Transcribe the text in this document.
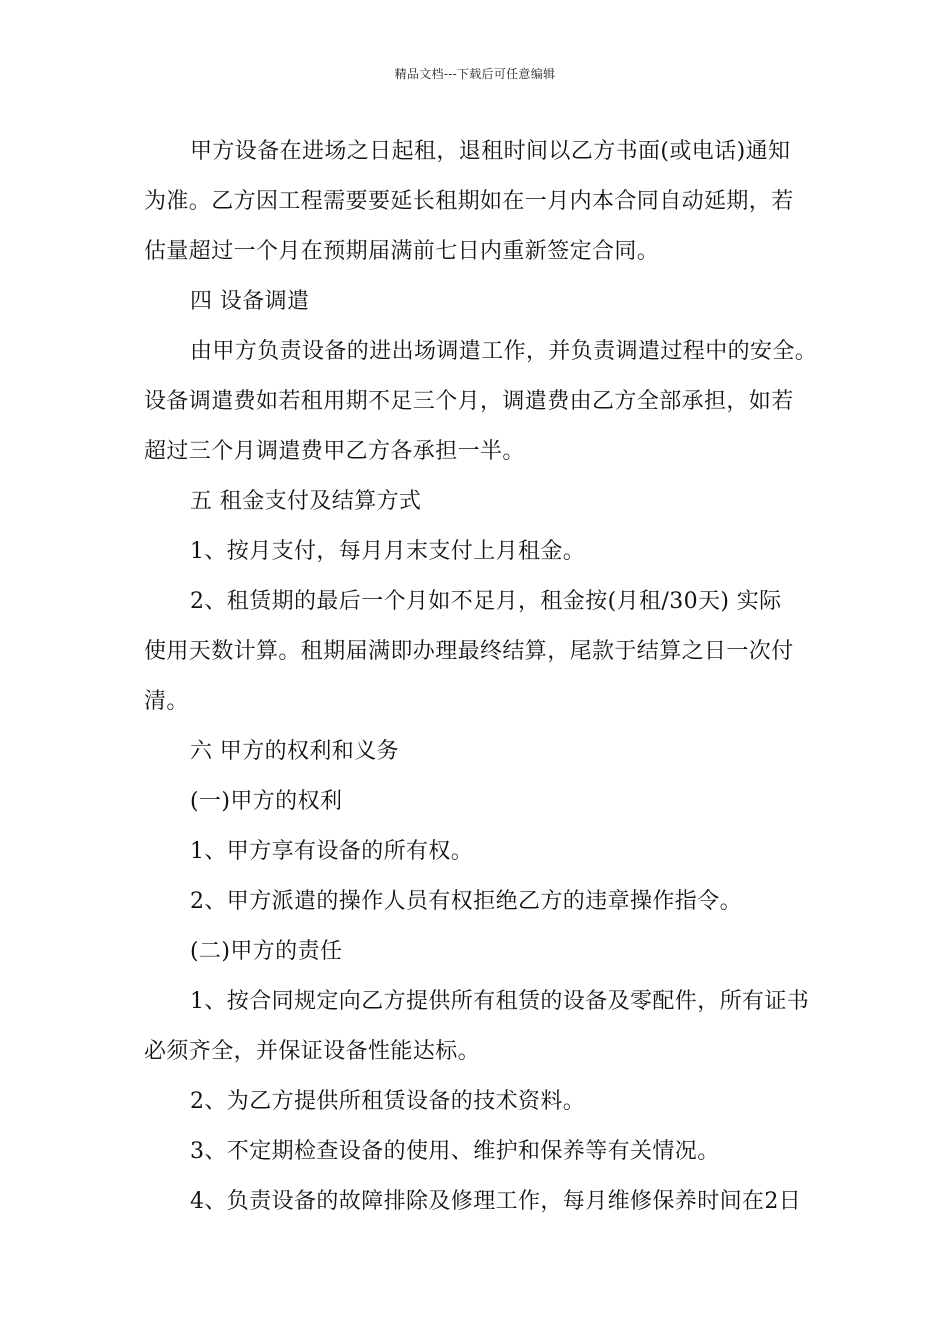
精品文档---下载后可任意编辑
甲方设备在进场之日起租，退租时间以乙方书面(或电话)通知
为准。乙方因工程需要要延长租期如在一月内本合同自动延期，若
估量超过一个月在预期届满前七日内重新签定合同。
四 设备调遣
由甲方负责设备的进出场调遣工作，并负责调遣过程中的安全。
设备调遣费如若租用期不足三个月，调遣费由乙方全部承担，如若
超过三个月调遣费甲乙方各承担一半。
五 租金支付及结算方式
1、按月支付，每月月末支付上月租金。
2、租赁期的最后一个月如不足月，租金按(月租/30天) 实际
使用天数计算。租期届满即办理最终结算，尾款于结算之日一次付
清。
六 甲方的权利和义务
(一)甲方的权利
1、甲方享有设备的所有权。
2、甲方派遣的操作人员有权拒绝乙方的违章操作指令。
(二)甲方的责任
1、按合同规定向乙方提供所有租赁的设备及零配件，所有证书
必须齐全，并保证设备性能达标。
2、为乙方提供所租赁设备的技术资料。
3、不定期检查设备的使用、维护和保养等有关情况。
4、负责设备的故障排除及修理工作，每月维修保养时间在2日
